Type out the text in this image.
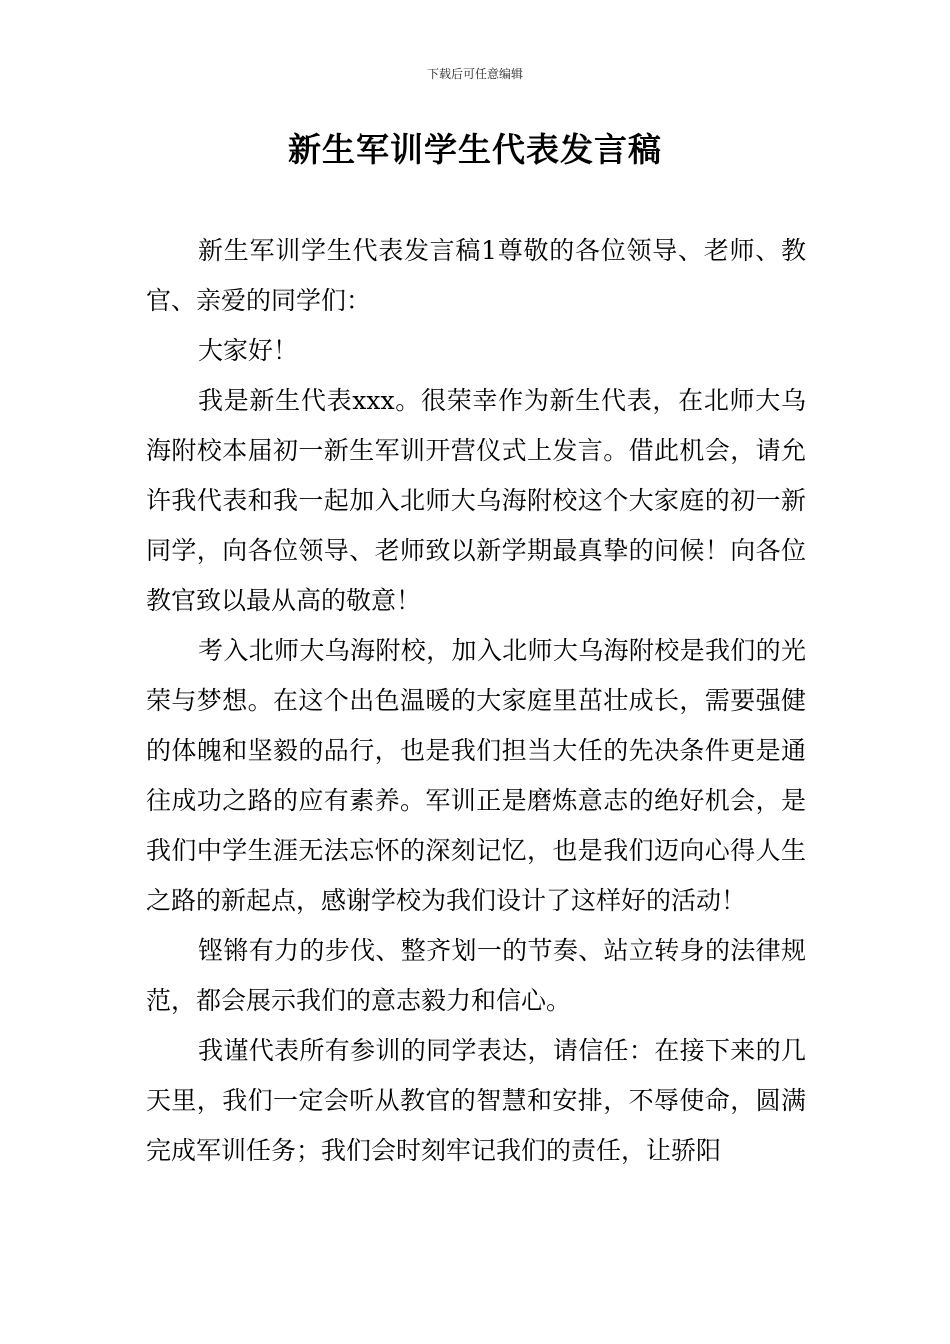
下载后可任意编辑
新生军训学生代表发言稿

新生军训学生代表发言稿1尊敬的各位领导、老师、教官、亲爱的同学们：

大家好！

我是新生代表xxx。很荣幸作为新生代表，在北师大乌海附校本届初一新生军训开营仪式上发言。借此机会，请允许我代表和我一起加入北师大乌海附校这个大家庭的初一新同学，向各位领导、老师致以新学期最真挚的问候！向各位教官致以最从高的敬意！

考入北师大乌海附校，加入北师大乌海附校是我们的光荣与梦想。在这个出色温暖的大家庭里茁壮成长，需要强健的体魄和坚毅的品行，也是我们担当大任的先决条件更是通往成功之路的应有素养。军训正是磨炼意志的绝好机会，是我们中学生涯无法忘怀的深刻记忆，也是我们迈向心得人生之路的新起点，感谢学校为我们设计了这样好的活动！

铿锵有力的步伐、整齐划一的节奏、站立转身的法律规范，都会展示我们的意志毅力和信心。

我谨代表所有参训的同学表达，请信任：在接下来的几天里，我们一定会听从教官的智慧和安排，不辱使命，圆满完成军训任务；我们会时刻牢记我们的责任，让骄阳
